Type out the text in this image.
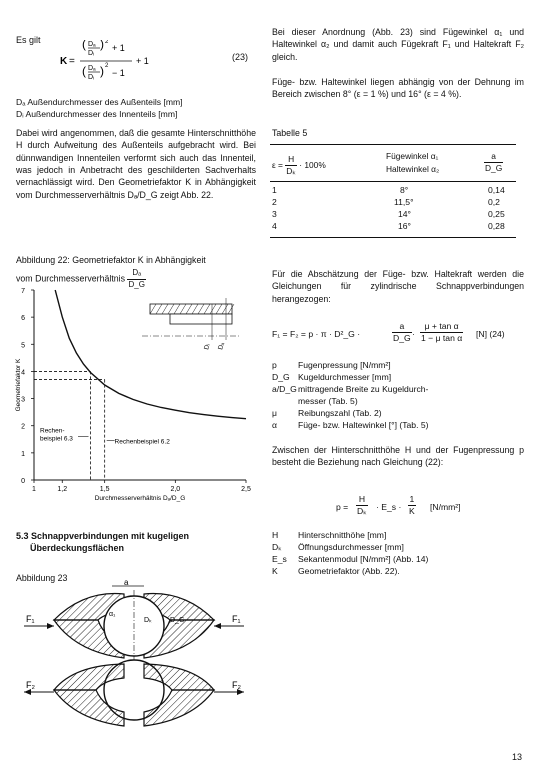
Es gilt
K =
( Dₐ
Dᵢ
) 2
+ 1
( Dₐ
Dᵢ ) 2
− 1
+ 1	(23)
Dₐ Außendurchmesser des Außenteils [mm]
Dᵢ Außendurchmesser des Innenteils [mm]
Dabei wird angenommen, daß die gesamte Hinterschnitthöhe H durch Aufweitung des Außenteils aufgebracht wird. Bei dünnwandigen Innenteilen verformt sich auch das Innenteil, was jedoch in Anbetracht des geschilderten Sachverhalts vernachlässigt wird. Den Geometriefaktor K in Abhängigkeit vom Durchmesserverhältnis Dₐ/D_G zeigt Abb. 22.
Abbildung 22: Geometriefaktor K in Abhängigkeit
vom Durchmesserverhältnis $\frac{\text{Dₐ}}{D\_G}$
0
1
2
3
4
5
6
7
1	1,2	1,5	2,0	2,5
Durchmesserverhältnis Dₐ/D_G
Geometriefaktor K
Rechen-
beispiel 6.3	Rechenbeispiel 6.2
Dᵢ Dₐ
5.3 Schnappverbindungen mit kugeligen
Überdeckungsflächen
Abbildung 23
F₁	F₁
a
α₁
Dₖ	D_G
F₂	F₂
Bei dieser Anordnung (Abb. 23) sind Fügewinkel α₁ und Haltewinkel α₂ und damit auch Fügekraft F₁ und Haltekraft F₂ gleich.
Füge- bzw. Haltewinkel liegen abhängig von der Dehnung im Bereich zwischen 8° (ε = 1 %) und 16° (ε = 4 %).
Tabelle 5
$\varepsilon = \frac{H}{\text{Dₖ}} \cdot 100\%$
Fügewinkel α₁
Haltewinkel α₂	$\frac{a}{D\_G}$
1	8°	0,14
2	11,5°	0,2
3	14°	0,25
4	16°	0,28
Für die Abschätzung der Füge- bzw. Haltekraft werden die Gleichungen für zylindrische Schnappverbindungen herangezogen:
F₁ = F₂ = p · π · D²_G ·	$\frac{a}{D\_G} \cdot \frac{\text{μ + tan α}}{\text{1 − μ tan α}} [N]$ (24)
p Fugenpressung [N/mm²]
D_G Kugeldurchmesser [mm]
a/D_Gmittragende Breite zu Kugeldurch-
messer (Tab. 5)
μ Reibungszahl (Tab. 2)
α Füge- bzw. Haltewinkel [°] (Tab. 5)
Zwischen der Hinterschnitthöhe H und der Fugenpressung p besteht die Beziehung nach Gleichung (22):
$p = \frac{H}{\text{Dₖ}}$ · E_s · $\frac{1}{K} [N/mm^2]$
H Hinterschnitthöhe [mm]
Dₖ Öffnungsdurchmesser [mm]
E_s Sekantenmodul [N/mm²] (Abb. 14)
K Geometriefaktor (Abb. 22).
13
